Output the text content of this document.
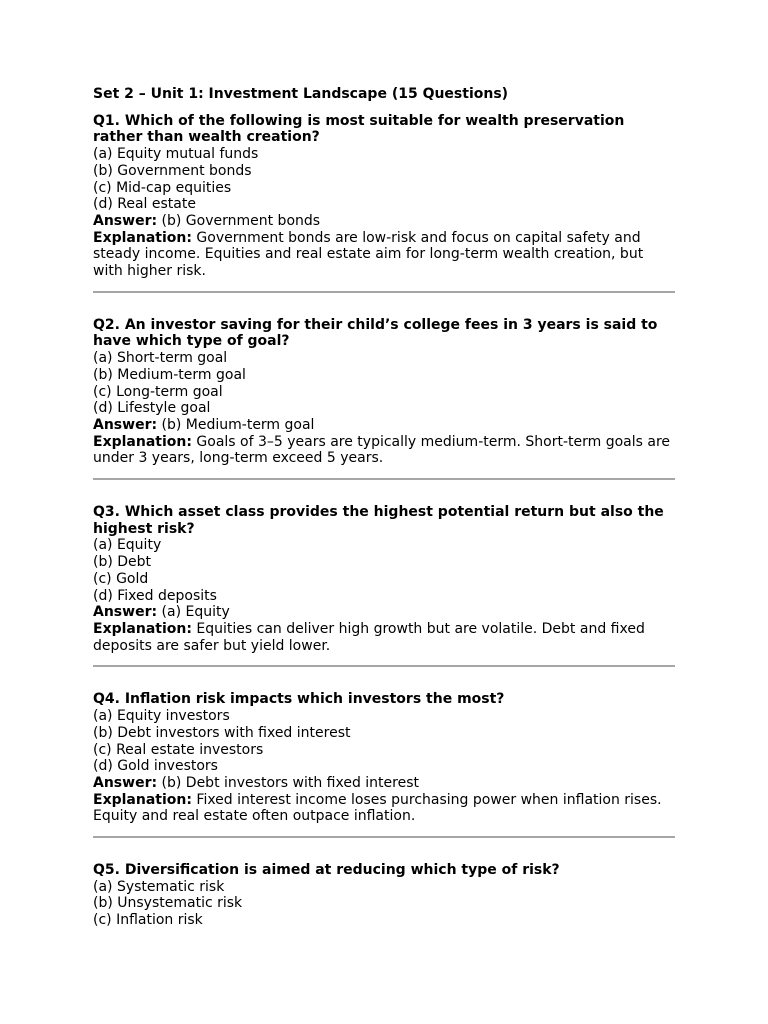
Set 2 – Unit 1: Investment Landscape (15 Questions)
Q1. Which of the following is most suitable for wealth preservation rather than wealth creation?
(a) Equity mutual funds
(b) Government bonds
(c) Mid-cap equities
(d) Real estate
Answer: (b) Government bonds
Explanation: Government bonds are low-risk and focus on capital safety and steady income. Equities and real estate aim for long-term wealth creation, but with higher risk.
Q2. An investor saving for their child’s college fees in 3 years is said to have which type of goal?
(a) Short-term goal
(b) Medium-term goal
(c) Long-term goal
(d) Lifestyle goal
Answer: (b) Medium-term goal
Explanation: Goals of 3–5 years are typically medium-term. Short-term goals are under 3 years, long-term exceed 5 years.
Q3. Which asset class provides the highest potential return but also the highest risk?
(a) Equity
(b) Debt
(c) Gold
(d) Fixed deposits
Answer: (a) Equity
Explanation: Equities can deliver high growth but are volatile. Debt and fixed deposits are safer but yield lower.
Q4. Inflation risk impacts which investors the most?
(a) Equity investors
(b) Debt investors with fixed interest
(c) Real estate investors
(d) Gold investors
Answer: (b) Debt investors with fixed interest
Explanation: Fixed interest income loses purchasing power when inflation rises. Equity and real estate often outpace inflation.
Q5. Diversification is aimed at reducing which type of risk?
(a) Systematic risk
(b) Unsystematic risk
(c) Inflation risk
